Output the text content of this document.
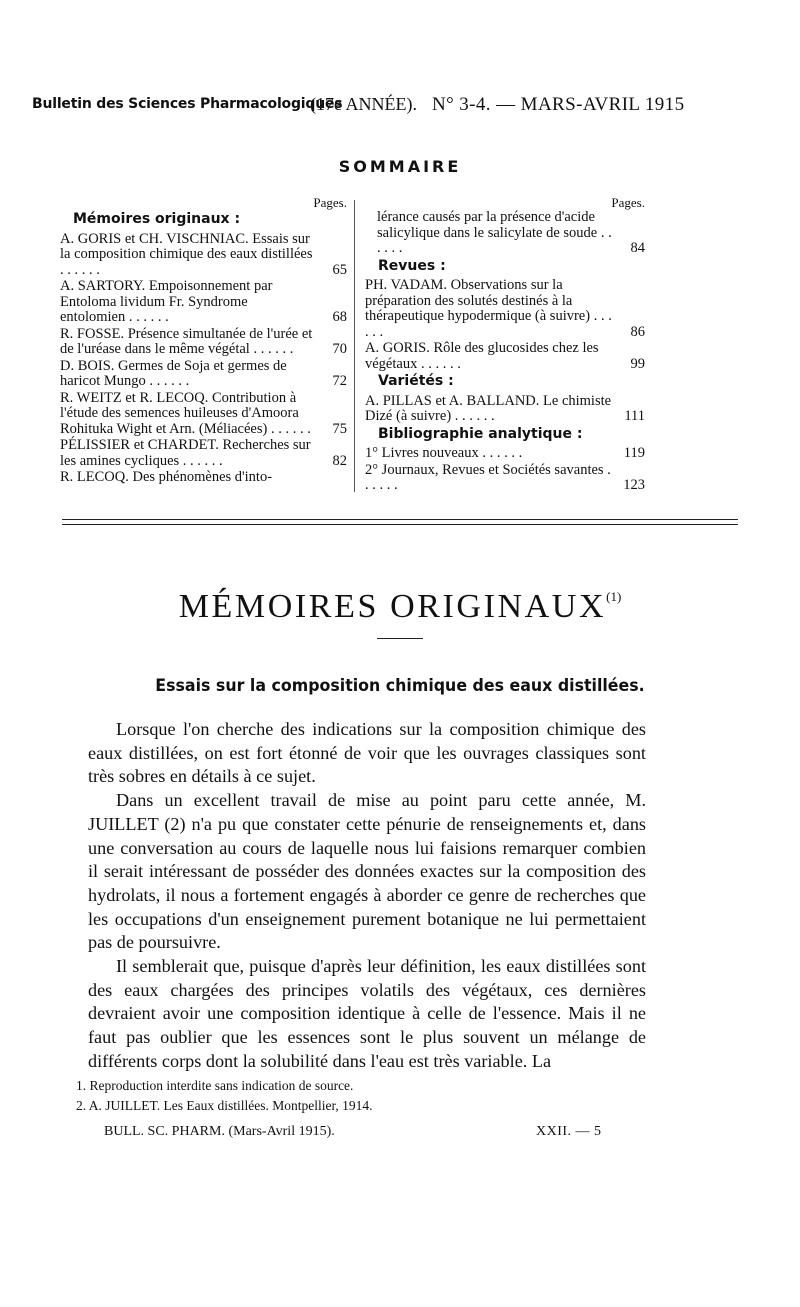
Bulletin des Sciences Pharmacologiques
(17e ANNÉE). N° 3-4. — MARS-AVRIL 1915
SOMMAIRE
Pages.
Mémoires originaux :
A. GORIS et CH. VISCHNIAC. Essais sur la composition chimique des eaux distillées . . . . . .	65
A. SARTORY. Empoisonnement par Entoloma lividum Fr. Syndrome entolomien . . . . . .	68
R. FOSSE. Présence simultanée de l'urée et de l'uréase dans le même végétal . . . . . .	70
D. BOIS. Germes de Soja et germes de haricot Mungo . . . . . .	72
R. WEITZ et R. LECOQ. Contribution à l'étude des semences huileuses d'Amoora Rohituka Wight et Arn. (Méliacées) . . . . . . 75
PÉLISSIER et CHARDET. Recherches sur les amines cycliques . . . . . .	82
R. LECOQ. Des phénomènes d'into-
Pages.
lérance causés par la présence d'acide salicylique dans le salicylate de soude . . . . . .	84
Revues :
PH. VADAM. Observations sur la préparation des solutés destinés à la thérapeutique hypodermique (à suivre) . . . . . .	86
A. GORIS. Rôle des glucosides chez les végétaux . . . . . .	99
Variétés :
A. PILLAS et A. BALLAND. Le chimiste Dizé (à suivre) . . . . . .	111
Bibliographie analytique :
1° Livres nouveaux . . . . . .	119
2° Journaux, Revues et Sociétés savantes . . . . . .	123
MÉMOIRES ORIGINAUX$^{(1)}$
Essais sur la composition chimique des eaux distillées.

Lorsque l'on cherche des indications sur la composition chimique des eaux distillées, on est fort étonné de voir que les ouvrages classiques sont très sobres en détails à ce sujet.

Dans un excellent travail de mise au point paru cette année, M. JUILLET (2) n'a pu que constater cette pénurie de renseignements et, dans une conversation au cours de laquelle nous lui faisions remarquer combien il serait intéressant de posséder des données exactes sur la composition des hydrolats, il nous a fortement engagés à aborder ce genre de recherches que les occupations d'un enseignement purement botanique ne lui permettaient pas de poursuivre.

Il semblerait que, puisque d'après leur définition, les eaux distillées sont des eaux chargées des principes volatils des végétaux, ces dernières devraient avoir une composition identique à celle de l'essence. Mais il ne faut pas oublier que les essences sont le plus souvent un mélange de différents corps dont la solubilité dans l'eau est très variable. La

1. Reproduction interdite sans indication de source.
2. A. JUILLET. Les Eaux distillées. Montpellier, 1914.
BULL. SC. PHARM. (Mars-Avril 1915).	XXII. — 5
